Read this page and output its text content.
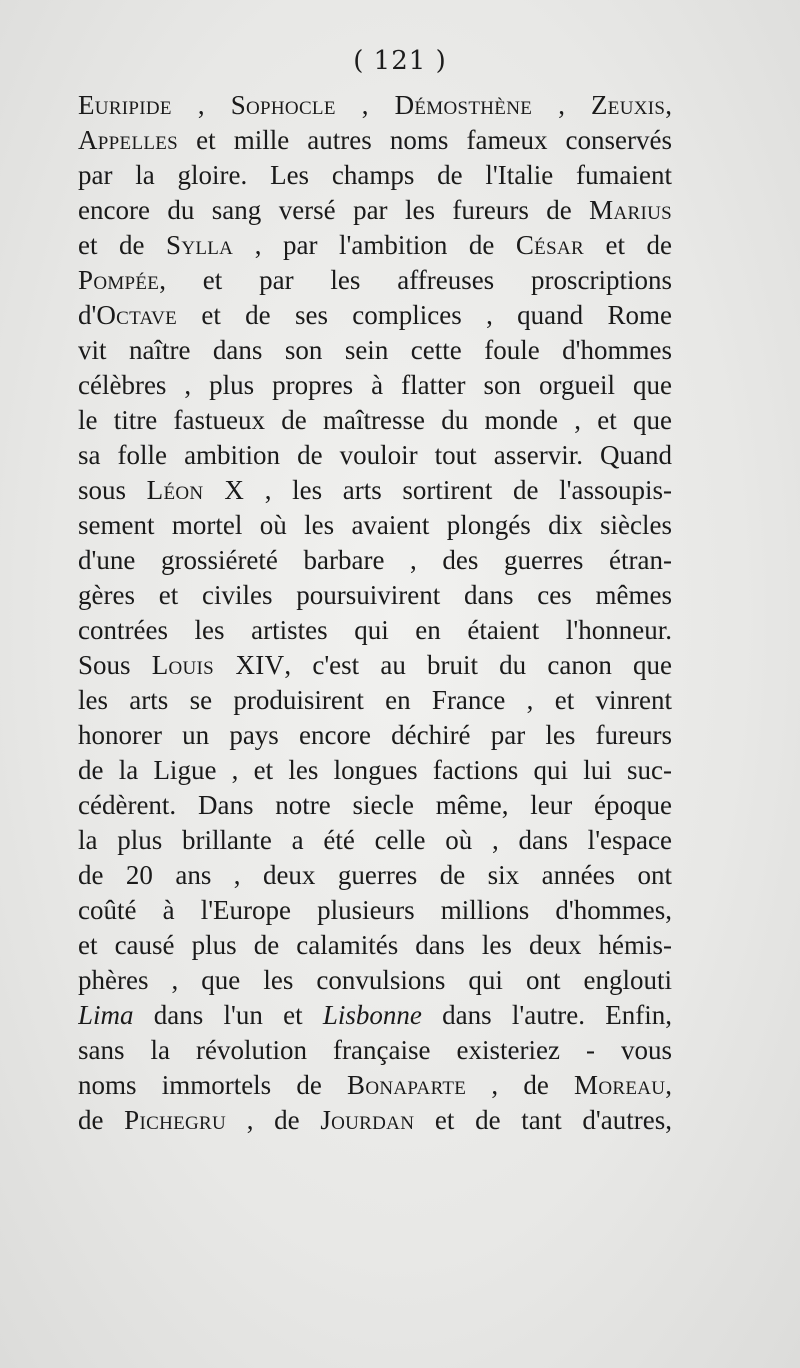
( 121 )
Euripide , Sophocle , Démosthène , Zeuxis,
Appelles et mille autres noms fameux conservés
par la gloire. Les champs de l'Italie fumaient
encore du sang versé par les fureurs de Marius
et de Sylla , par l'ambition de César et de
Pompée, et par les affreuses proscriptions
d'Octave et de ses complices , quand Rome
vit naître dans son sein cette foule d'hommes
célèbres , plus propres à flatter son orgueil que
le titre fastueux de maîtresse du monde , et que
sa folle ambition de vouloir tout asservir. Quand
sous Léon X , les arts sortirent de l'assoupis-
sement mortel où les avaient plongés dix siècles
d'une grossiéreté barbare , des guerres étran-
gères et civiles poursuivirent dans ces mêmes
contrées les artistes qui en étaient l'honneur.
Sous Louis XIV, c'est au bruit du canon que
les arts se produisirent en France , et vinrent
honorer un pays encore déchiré par les fureurs
de la Ligue , et les longues factions qui lui suc-
cédèrent. Dans notre siecle même, leur époque
la plus brillante a été celle où , dans l'espace
de 20 ans , deux guerres de six années ont
coûté à l'Europe plusieurs millions d'hommes,
et causé plus de calamités dans les deux hémis-
phères , que les convulsions qui ont englouti
Lima dans l'un et Lisbonne dans l'autre. Enfin,
sans la révolution française existeriez - vous
noms immortels de Bonaparte , de Moreau,
de Pichegru , de Jourdan et de tant d'autres,
